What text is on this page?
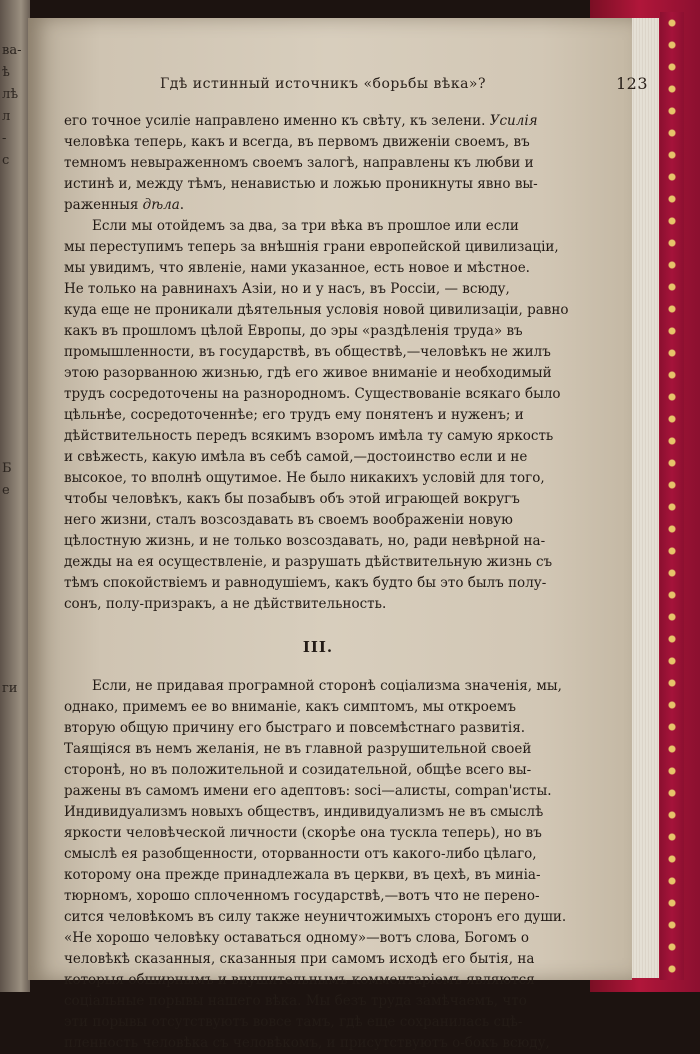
ва-
ѣ
лѣ
л
-
с
Б
е
ги
Гдѣ истинный источникъ «борьбы вѣка»?	123

его точное усиліе направлено именно къ свѣту, къ зелени. Усилія
человѣка теперь, какъ и всегда, въ первомъ движеніи своемъ, въ
темномъ невыраженномъ своемъ залогѣ, направлены къ любви и
истинѣ и, между тѣмъ, ненавистью и ложью проникнуты явно вы-
раженныя дѣла.

Если мы отойдемъ за два, за три вѣка въ прошлое или если
мы переступимъ теперь за внѣшнія грани европейской цивилизаціи,
мы увидимъ, что явленіе, нами указанное, есть новое и мѣстное.
Не только на равнинахъ Азіи, но и у насъ, въ Россіи, — всюду,
куда еще не проникали дѣятельныя условія новой цивилизаціи, равно
какъ въ прошломъ цѣлой Европы, до эры «раздѣленія труда» въ
промышленности, въ государствѣ, въ обществѣ,—человѣкъ не жилъ
этою разорванною жизнью, гдѣ его живое вниманіе и необходимый
трудъ сосредоточены на разнородномъ. Существованіе всякаго было
цѣльнѣе, сосредоточеннѣе; его трудъ ему понятенъ и нуженъ; и
дѣйствительность передъ всякимъ взоромъ имѣла ту самую яркость
и свѣжесть, какую имѣла въ себѣ самой,—достоинство если и не
высокое, то вполнѣ ощутимое. Не было никакихъ условій для того,
чтобы человѣкъ, какъ бы позабывъ объ этой играющей вокругъ
него жизни, сталъ возсоздавать въ своемъ воображеніи новую
цѣлостную жизнь, и не только возсоздавать, но, ради невѣрной на-
дежды на ея осуществленіе, и разрушать дѣйствительную жизнь съ
тѣмъ спокойствіемъ и равнодушіемъ, какъ будто бы это былъ полу-
сонъ, полу-призракъ, а не дѣйствительность.

III.

Если, не придавая програмной сторонѣ соціализма значенія, мы,
однако, примемъ ее во вниманіе, какъ симптомъ, мы откроемъ
вторую общую причину его быстраго и повсемѣстнаго развитія.
Таящіяся въ немъ желанія, не въ главной разрушительной своей
сторонѣ, но въ положительной и созидательной, общѣе всего вы-
ражены въ самомъ имени его адептовъ: soci—алисты, compan'исты.
Индивидуализмъ новыхъ обществъ, индивидуализмъ не въ смыслѣ
яркости человѣческой личности (скорѣе она тускла теперь), но въ
смыслѣ ея разобщенности, оторванности отъ какого-либо цѣлаго,
которому она прежде принадлежала въ церкви, въ цехѣ, въ миніа-
тюрномъ, хорошо сплоченномъ государствѣ,—вотъ что не перено-
сится человѣкомъ въ силу также неуничтожимыхъ сторонъ его души.
«Не хорошо человѣку оставаться одному»—вотъ слова, Богомъ о
человѣкѣ сказанныя, сказанныя при самомъ исходѣ его бытія, на
которыя обширнымъ и внушительнымъ комментаріемъ являются
соціальные порывы нашего вѣка. Мы безъ труда замѣчаемъ, что
эти порывы отсутствуютъ вовсе тамъ, гдѣ еще сохранилась сцѣ-
пленность человѣка съ человѣкомъ, и присутствуютъ о-бокъ всюду,
